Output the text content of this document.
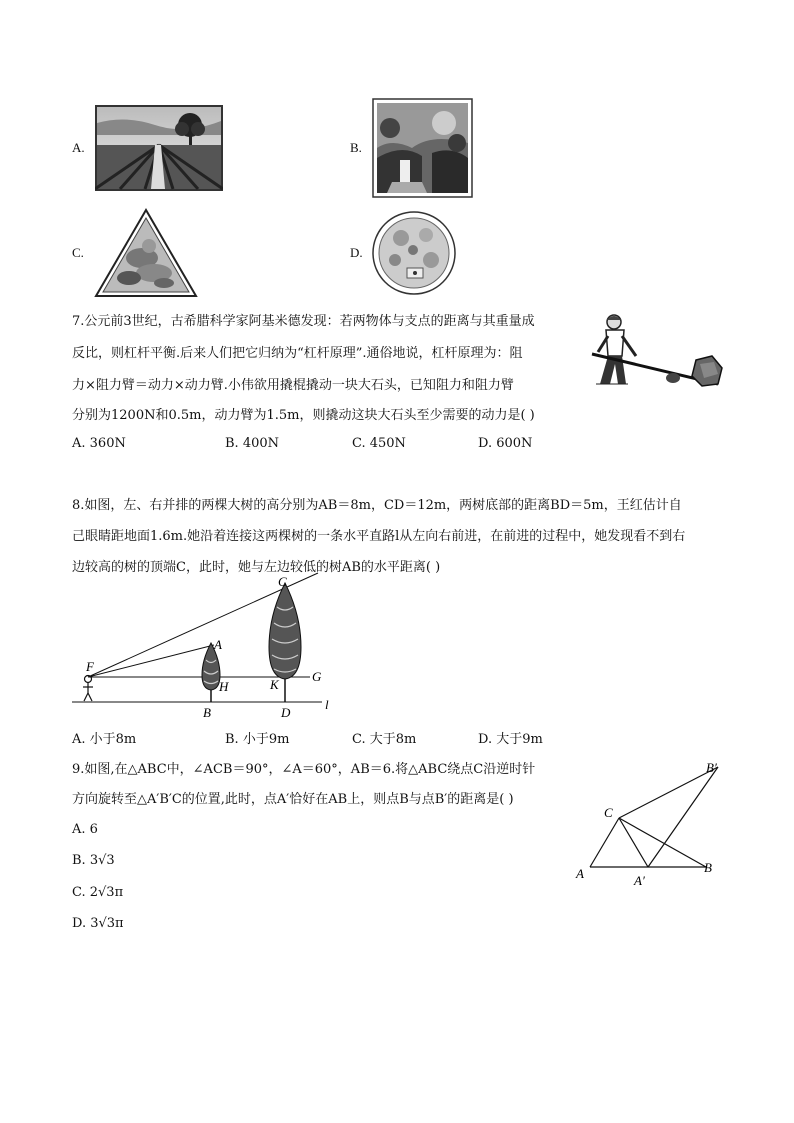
A.	B.
C.	D.
7.公元前3世纪，古希腊科学家阿基米德发现：若两物体与支点的距离与其重量成
反比，则杠杆平衡.后来人们把它归纳为“杠杆原理”.通俗地说，杠杆原理为：阻
力×阻力臂＝动力×动力臂.小伟欲用撬棍撬动一块大石头，已知阻力和阻力臂
分别为1200N和0.5m，动力臂为1.5m，则撬动这块大石头至少需要的动力是( )
A. 360N	B. 400N	C. 450N	D. 600N
8.如图，左、右并排的两棵大树的高分别为AB＝8m，CD＝12m，两树底部的距离BD＝5m，王红估计自
己眼睛距地面1.6m.她沿着连接这两棵树的一条水平直路l从左向右前进，在前进的过程中，她发现看不到右
边较高的树的顶端C，此时，她与左边较低的树AB的水平距离( )
C
A
F
H	K
G
B	D
l
A. 小于8m	B. 小于9m	C. 大于8m	D. 大于9m
9.如图,在△ABC中，∠ACB＝90°，∠A＝60°，AB＝6.将△ABC绕点C沿逆时针
方向旋转至△A′B′C的位置,此时，点A′恰好在AB上，则点B与点B′的距离是( )
A. 6
B. 3√3
C. 2√3π
D. 3√3π
A	A′
B
B′
C
